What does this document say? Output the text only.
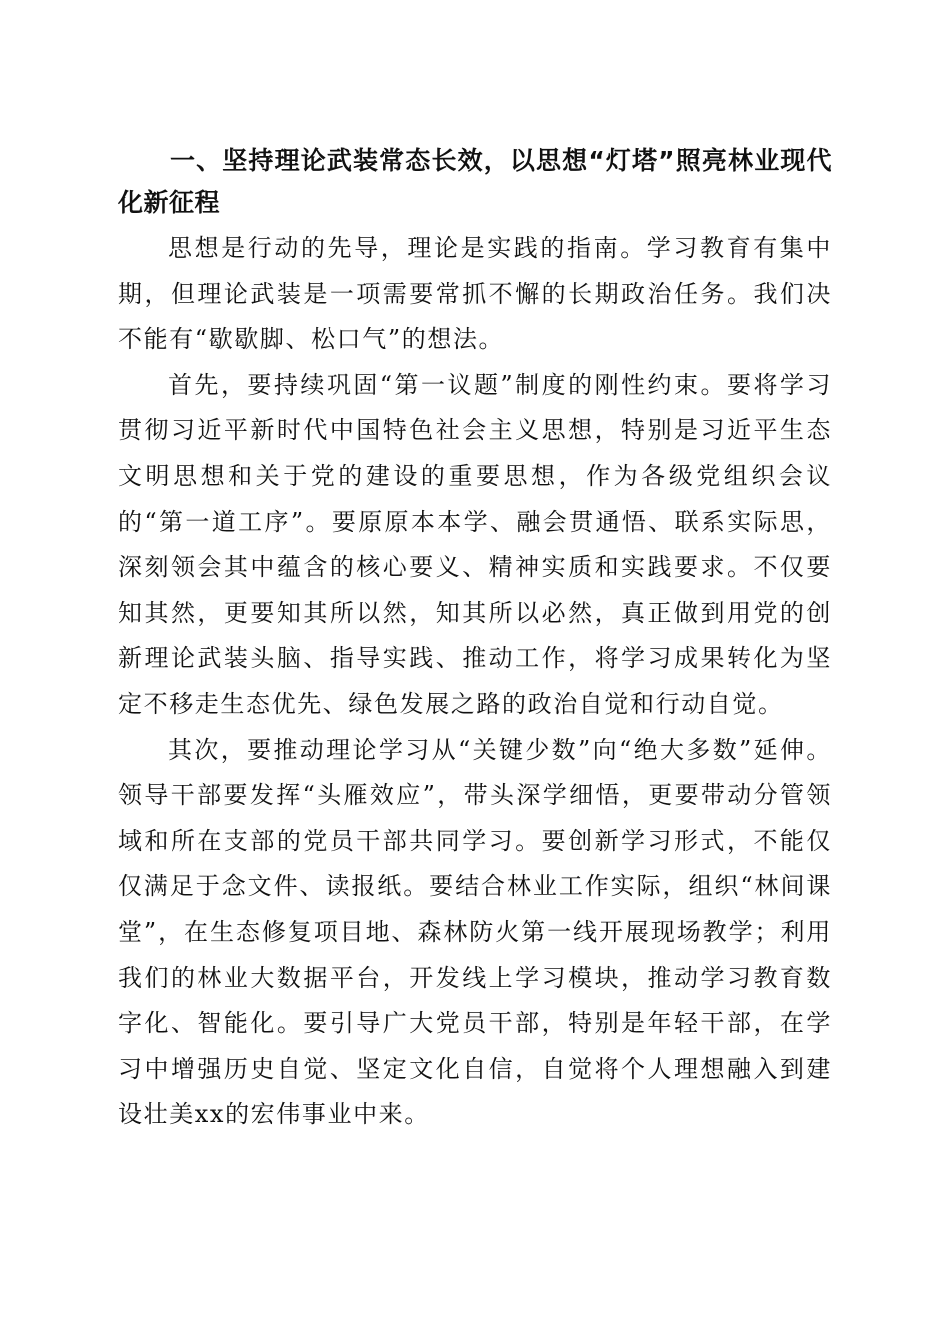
一、坚持理论武装常态长效，以思想“灯塔”照亮林业现代化新征程

思想是行动的先导，理论是实践的指南。学习教育有集中期，但理论武装是一项需要常抓不懈的长期政治任务。我们决不能有“歇歇脚、松口气”的想法。

首先，要持续巩固“第一议题”制度的刚性约束。要将学习贯彻习近平新时代中国特色社会主义思想，特别是习近平生态文明思想和关于党的建设的重要思想，作为各级党组织会议的“第一道工序”。要原原本本学、融会贯通悟、联系实际思，深刻领会其中蕴含的核心要义、精神实质和实践要求。不仅要知其然，更要知其所以然，知其所以必然，真正做到用党的创新理论武装头脑、指导实践、推动工作，将学习成果转化为坚定不移走生态优先、绿色发展之路的政治自觉和行动自觉。

其次，要推动理论学习从“关键少数”向“绝大多数”延伸。领导干部要发挥“头雁效应”，带头深学细悟，更要带动分管领域和所在支部的党员干部共同学习。要创新学习形式，不能仅仅满足于念文件、读报纸。要结合林业工作实际，组织“林间课堂”，在生态修复项目地、森林防火第一线开展现场教学；利用我们的林业大数据平台，开发线上学习模块，推动学习教育数字化、智能化。要引导广大党员干部，特别是年轻干部，在学习中增强历史自觉、坚定文化自信，自觉将个人理想融入到建设壮美xx的宏伟事业中来。
